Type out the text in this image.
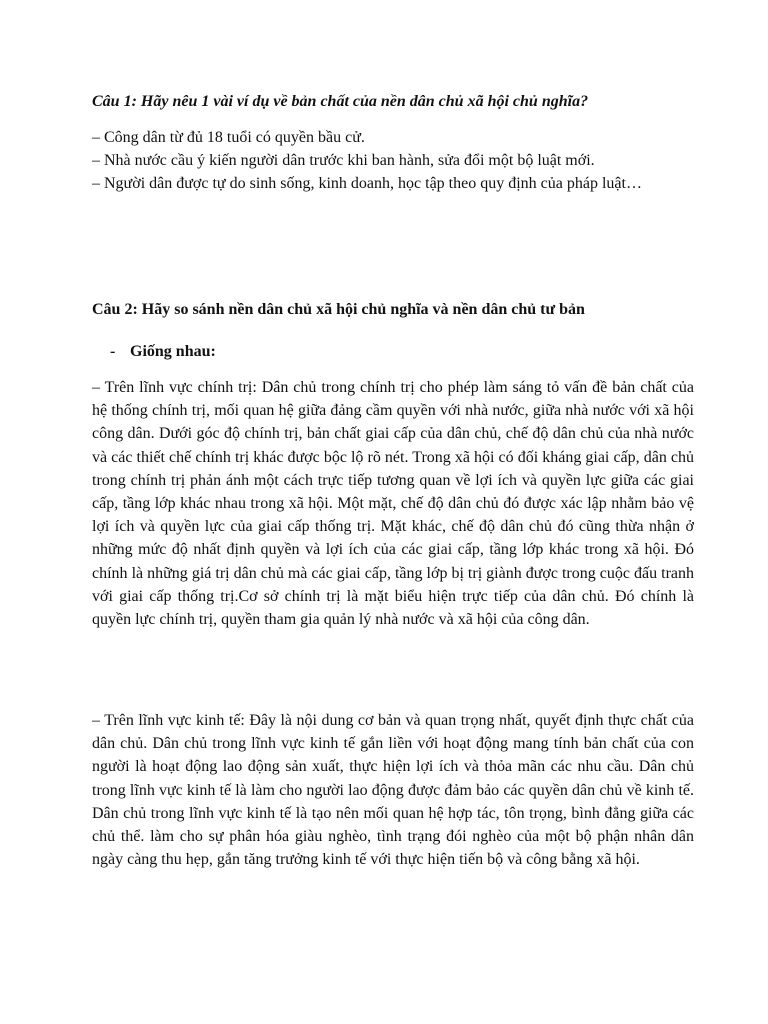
Câu 1: Hãy nêu 1 vài ví dụ về bản chất của nền dân chủ xã hội chủ nghĩa?

– Công dân từ đủ 18 tuổi có quyền bầu cử.

– Nhà nước cầu ý kiến người dân trước khi ban hành, sửa đổi một bộ luật mới.

– Người dân được tự do sinh sống, kinh doanh, học tập theo quy định của pháp luật…

Câu 2: Hãy so sánh nền dân chủ xã hội chủ nghĩa và nền dân chủ tư bản

- Giống nhau:

– Trên lĩnh vực chính trị: Dân chủ trong chính trị cho phép làm sáng tỏ vấn đề bản chất của hệ thống chính trị, mối quan hệ giữa đảng cầm quyền với nhà nước, giữa nhà nước với xã hội công dân. Dưới góc độ chính trị, bản chất giai cấp của dân chủ, chế độ dân chủ của nhà nước và các thiết chế chính trị khác được bộc lộ rõ nét. Trong xã hội có đối kháng giai cấp, dân chủ trong chính trị phản ánh một cách trực tiếp tương quan về lợi ích và quyền lực giữa các giai cấp, tầng lớp khác nhau trong xã hội. Một mặt, chế độ dân chủ đó được xác lập nhằm bảo vệ lợi ích và quyền lực của giai cấp thống trị. Mặt khác, chế độ dân chủ đó cũng thừa nhận ở những mức độ nhất định quyền và lợi ích của các giai cấp, tầng lớp khác trong xã hội. Đó chính là những giá trị dân chủ mà các giai cấp, tầng lớp bị trị giành được trong cuộc đấu tranh với giai cấp thống trị.Cơ sở chính trị là mặt biểu hiện trực tiếp của dân chủ. Đó chính là quyền lực chính trị, quyền tham gia quản lý nhà nước và xã hội của công dân.

– Trên lĩnh vực kinh tế: Đây là nội dung cơ bản và quan trọng nhất, quyết định thực chất của dân chủ. Dân chủ trong lĩnh vực kinh tế gắn liền với hoạt động mang tính bản chất của con người là hoạt động lao động sản xuất, thực hiện lợi ích và thỏa mãn các nhu cầu. Dân chủ trong lĩnh vực kinh tế là làm cho người lao động được đảm bảo các quyền dân chủ về kinh tế. Dân chủ trong lĩnh vực kinh tế là tạo nên mối quan hệ hợp tác, tôn trọng, bình đẳng giữa các chủ thể. làm cho sự phân hóa giàu nghèo, tình trạng đói nghèo của một bộ phận nhân dân ngày càng thu hẹp, gắn tăng trưởng kinh tế với thực hiện tiến bộ và công bằng xã hội.
